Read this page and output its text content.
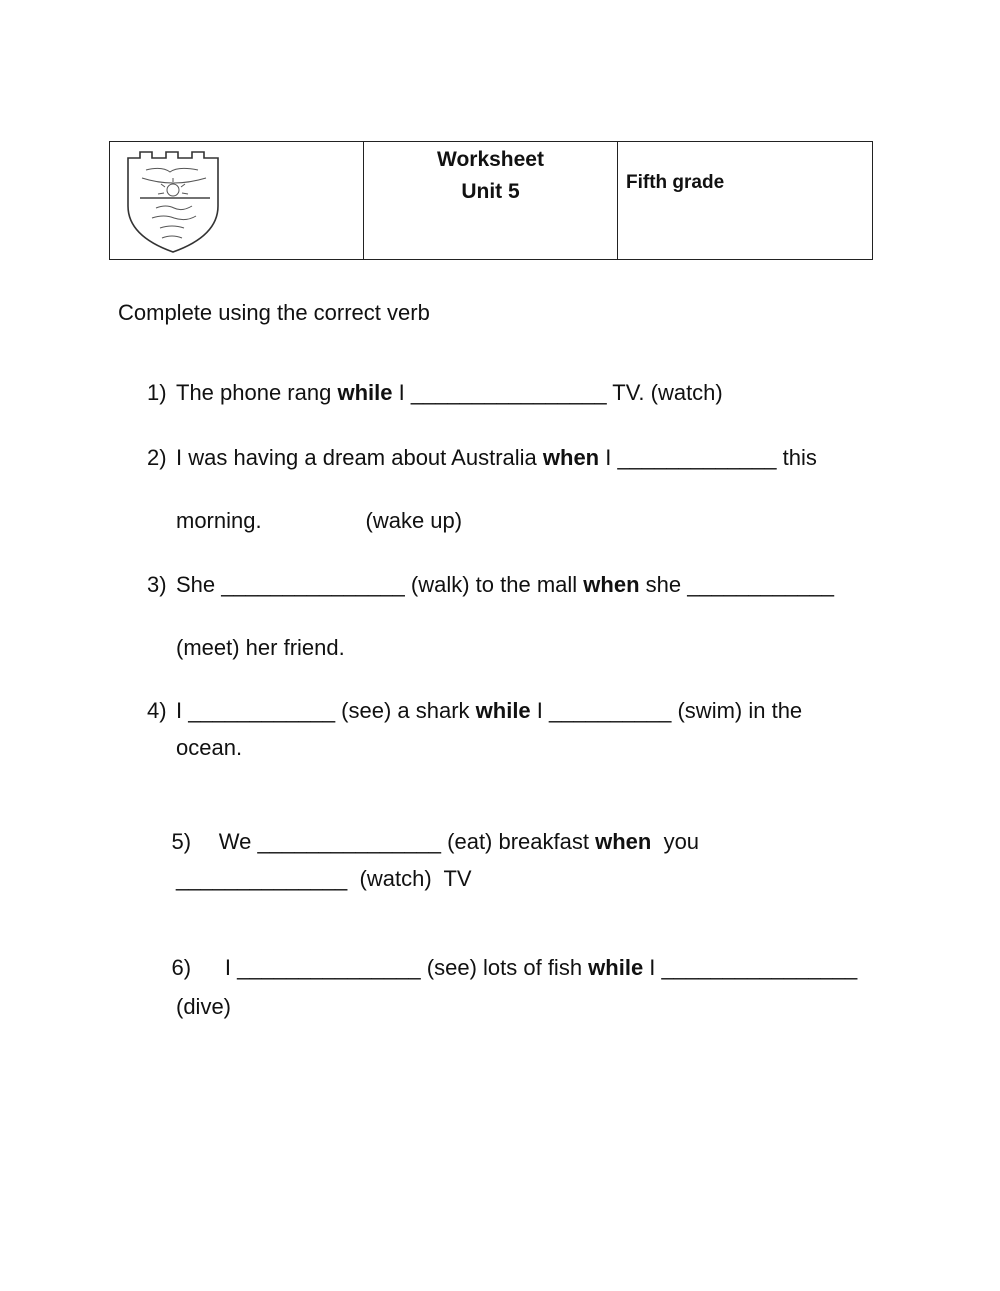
Worksheet
Unit 5	Fifth grade
Complete using the correct verb
1) The phone rang while I ________________ TV. (watch)
2) I was having a dream about Australia when I _____________ this
morning.                 (wake up)
3) She _______________ (walk) to the mall when she ____________
(meet) her friend.
4) I ____________ (see) a shark while I __________ (swim) in the
ocean.

5)   We _______________ (eat) breakfast when  you

______________  (watch)  TV

6)    I _______________ (see) lots of fish while I ________________

(dive)
